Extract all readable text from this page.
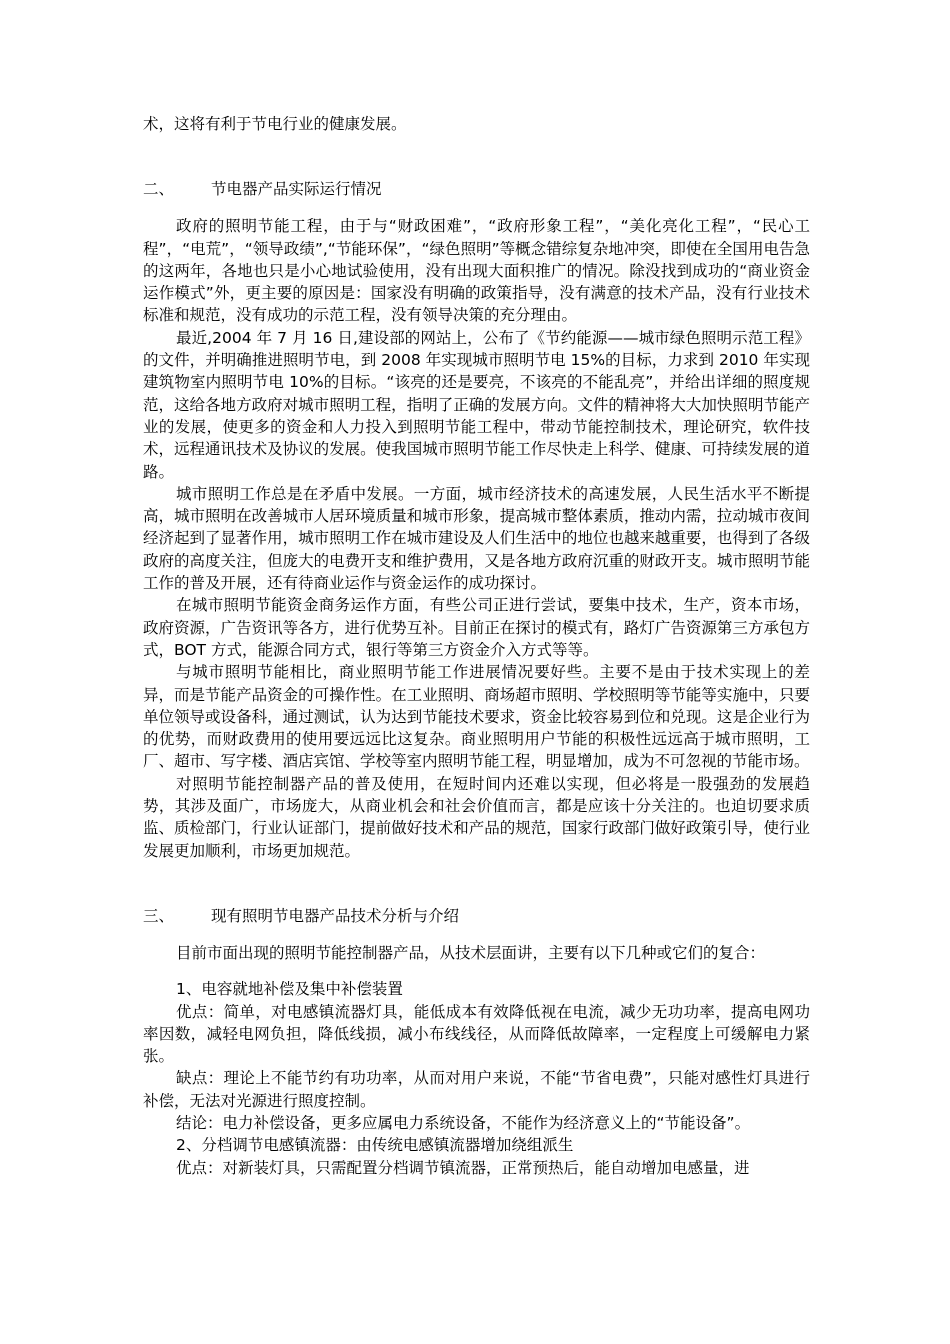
术，这将有利于节电行业的健康发展。

二、	节电器产品实际运行情况

政府的照明节能工程，由于与“财政困难”，“政府形象工程”，“美化亮化工程”，“民心工程”，“电荒”，“领导政绩”,“节能环保”，“绿色照明”等概念错综复杂地冲突，即使在全国用电告急的这两年，各地也只是小心地试验使用，没有出现大面积推广的情况。除没找到成功的“商业资金运作模式”外，更主要的原因是：国家没有明确的政策指导，没有满意的技术产品，没有行业技术标准和规范，没有成功的示范工程，没有领导决策的充分理由。

最近,2004 年 7 月 16 日,建设部的网站上，公布了《节约能源——城市绿色照明示范工程》的文件，并明确推进照明节电，到 2008 年实现城市照明节电 15%的目标，力求到 2010 年实现建筑物室内照明节电 10%的目标。“该亮的还是要亮，不该亮的不能乱亮”，并给出详细的照度规范，这给各地方政府对城市照明工程，指明了正确的发展方向。文件的精神将大大加快照明节能产业的发展，使更多的资金和人力投入到照明节能工程中，带动节能控制技术，理论研究，软件技术，远程通讯技术及协议的发展。使我国城市照明节能工作尽快走上科学、健康、可持续发展的道路。

城市照明工作总是在矛盾中发展。一方面，城市经济技术的高速发展，人民生活水平不断提高，城市照明在改善城市人居环境质量和城市形象，提高城市整体素质，推动内需，拉动城市夜间经济起到了显著作用，城市照明工作在城市建设及人们生活中的地位也越来越重要，也得到了各级政府的高度关注，但庞大的电费开支和维护费用，又是各地方政府沉重的财政开支。城市照明节能工作的普及开展，还有待商业运作与资金运作的成功探讨。

在城市照明节能资金商务运作方面，有些公司正进行尝试，要集中技术，生产，资本市场，政府资源，广告资讯等各方，进行优势互补。目前正在探讨的模式有，路灯广告资源第三方承包方式，BOT 方式，能源合同方式，银行等第三方资金介入方式等等。

与城市照明节能相比，商业照明节能工作进展情况要好些。主要不是由于技术实现上的差异，而是节能产品资金的可操作性。在工业照明、商场超市照明、学校照明等节能等实施中，只要单位领导或设备科，通过测试，认为达到节能技术要求，资金比较容易到位和兑现。这是企业行为的优势，而财政费用的使用要远远比这复杂。商业照明用户节能的积极性远远高于城市照明，工厂、超市、写字楼、酒店宾馆、学校等室内照明节能工程，明显增加，成为不可忽视的节能市场。

对照明节能控制器产品的普及使用，在短时间内还难以实现，但必将是一股强劲的发展趋势，其涉及面广，市场庞大，从商业机会和社会价值而言，都是应该十分关注的。也迫切要求质监、质检部门，行业认证部门，提前做好技术和产品的规范，国家行政部门做好政策引导，使行业发展更加顺利，市场更加规范。

三、	现有照明节电器产品技术分析与介绍

目前市面出现的照明节能控制器产品，从技术层面讲，主要有以下几种或它们的复合：

1、电容就地补偿及集中补偿装置

优点：简单，对电感镇流器灯具，能低成本有效降低视在电流，减少无功功率，提高电网功率因数，减轻电网负担，降低线损，减小布线线径，从而降低故障率，一定程度上可缓解电力紧张。

缺点：理论上不能节约有功功率，从而对用户来说，不能“节省电费”，只能对感性灯具进行补偿，无法对光源进行照度控制。

结论：电力补偿设备，更多应属电力系统设备，不能作为经济意义上的“节能设备”。

2、分档调节电感镇流器：由传统电感镇流器增加绕组派生

优点：对新装灯具，只需配置分档调节镇流器，正常预热后，能自动增加电感量，进
